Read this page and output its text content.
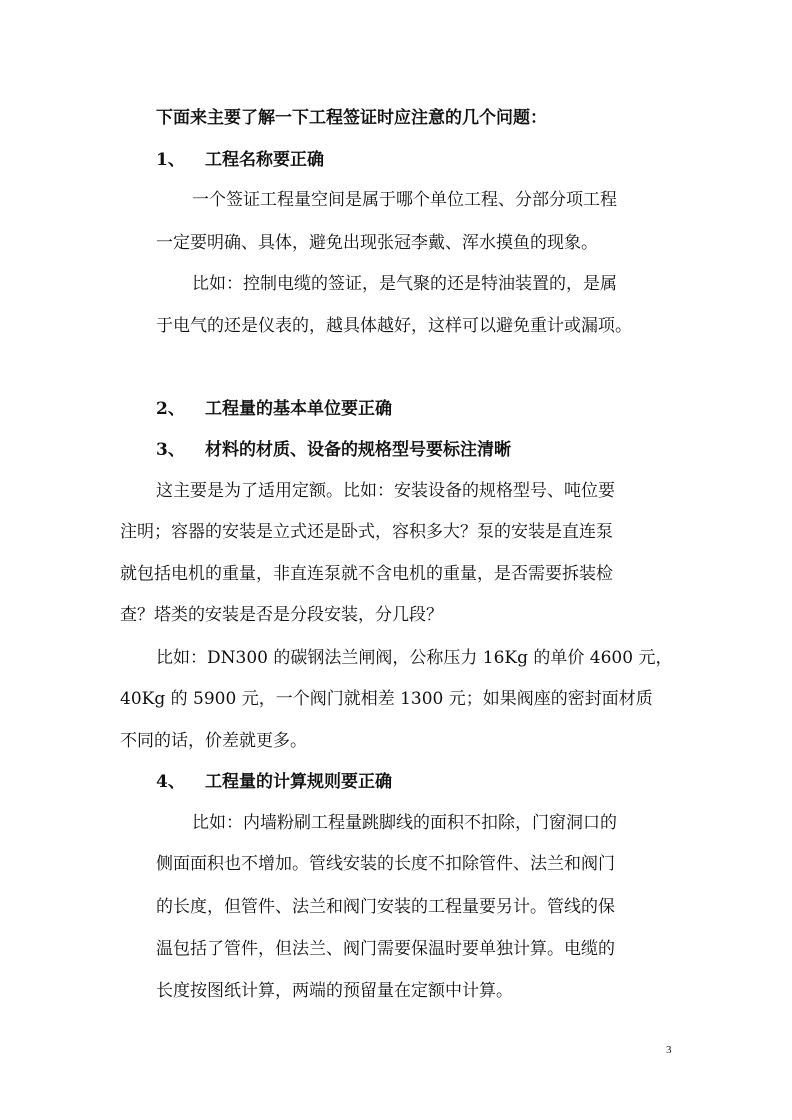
下面来主要了解一下工程签证时应注意的几个问题：
1、 工程名称要正确
一个签证工程量空间是属于哪个单位工程、分部分项工程
一定要明确、具体，避免出现张冠李戴、浑水摸鱼的现象。
比如：控制电缆的签证，是气聚的还是特油装置的，是属
于电气的还是仪表的，越具体越好，这样可以避免重计或漏项。
2、 工程量的基本单位要正确
3、 材料的材质、设备的规格型号要标注清晰
这主要是为了适用定额。比如：安装设备的规格型号、吨位要
注明；容器的安装是立式还是卧式，容积多大？泵的安装是直连泵
就包括电机的重量，非直连泵就不含电机的重量，是否需要拆装检
查？塔类的安装是否是分段安装，分几段？
比如：DN300 的碳钢法兰闸阀，公称压力 16Kg 的单价 4600 元，
40Kg 的 5900 元，一个阀门就相差 1300 元；如果阀座的密封面材质
不同的话，价差就更多。
4、 工程量的计算规则要正确
比如：内墙粉刷工程量跳脚线的面积不扣除，门窗洞口的
侧面面积也不增加。管线安装的长度不扣除管件、法兰和阀门
的长度，但管件、法兰和阀门安装的工程量要另计。管线的保
温包括了管件，但法兰、阀门需要保温时要单独计算。电缆的
长度按图纸计算，两端的预留量在定额中计算。
3
